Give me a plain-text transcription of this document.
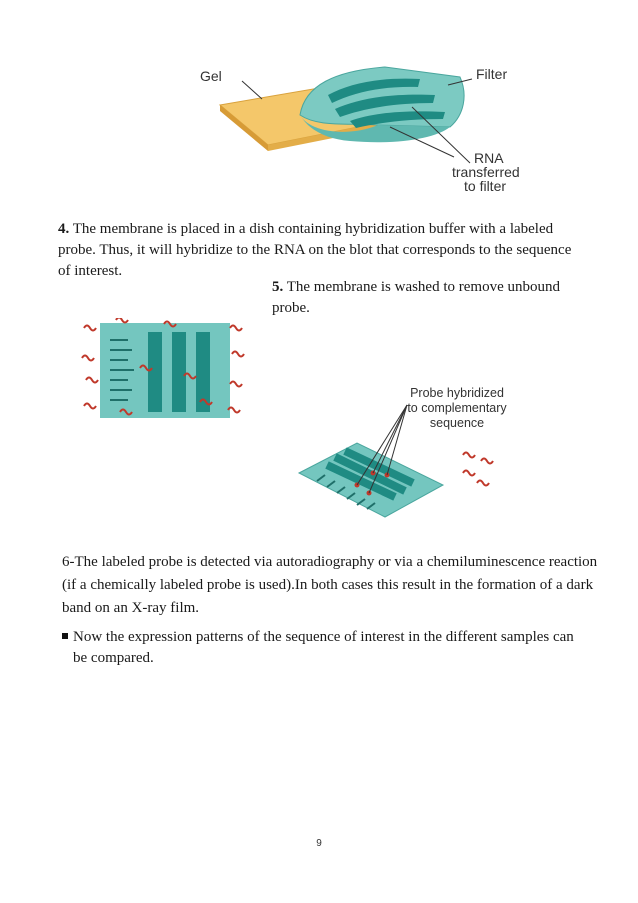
Gel	Filter
RNA
transferred
to filter
4. The membrane is placed in a dish containing hybridization buffer with a labeled probe. Thus, it will hybridize to the RNA on the blot that corresponds to the sequence of interest.
5. The membrane is washed to remove unbound probe.
Probe hybridized
to complementary
sequence
6-The labeled probe is detected via autoradiography or via a chemiluminescence reaction (if a chemically labeled probe is used).In both cases this result in the formation of a dark band on an X-ray film.
Now the expression patterns of the sequence of interest in the different samples can be compared.
9
